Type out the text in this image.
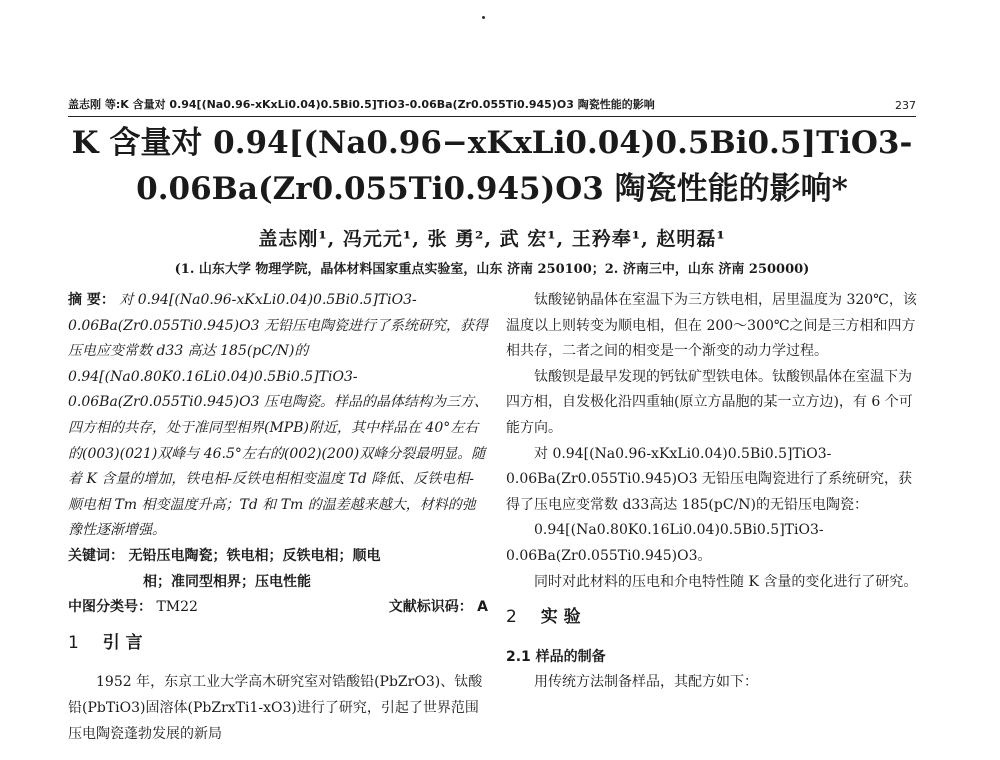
盖志刚 等:K 含量对 0.94[(Na0.96-xKxLi0.04)0.5Bi0.5]TiO3-0.06Ba(Zr0.055Ti0.945)O3 陶瓷性能的影响	237
K 含量对 0.94[(Na0.96−xKxLi0.04)0.5Bi0.5]TiO3-
0.06Ba(Zr0.055Ti0.945)O3 陶瓷性能的影响*
盖志刚¹, 冯元元¹, 张 勇², 武 宏¹, 王矜奉¹, 赵明磊¹
(1. 山东大学 物理学院，晶体材料国家重点实验室，山东 济南 250100；2. 济南三中，山东 济南 250000)

摘 要： 对 0.94[(Na0.96-xKxLi0.04)0.5Bi0.5]TiO3-0.06Ba(Zr0.055Ti0.945)O3 无铅压电陶瓷进行了系统研究，获得压电应变常数 d33 高达 185(pC/N)的 0.94[(Na0.80K0.16Li0.04)0.5Bi0.5]TiO3-0.06Ba(Zr0.055Ti0.945)O3 压电陶瓷。样品的晶体结构为三方、四方相的共存，处于准同型相界(MPB)附近，其中样品在 40°左右的(003)(021)双峰与 46.5°左右的(002)(200)双峰分裂最明显。随着 K 含量的增加，铁电相-反铁电相相变温度 Td 降低、反铁电相-顺电相 Tm 相变温度升高；Td 和 Tm 的温差越来越大，材料的弛豫性逐渐增强。

关键词： 无铅压电陶瓷；铁电相；反铁电相；顺电

相；准同型相界；压电性能

中图分类号： TM22	文献标识码： A
1 引 言

1952 年，东京工业大学高木研究室对锆酸铅(PbZrO3)、钛酸铅(PbTiO3)固溶体(PbZrxTi1-xO3)进行了研究，引起了世界范围压电陶瓷蓬勃发展的新局

钛酸铋钠晶体在室温下为三方铁电相，居里温度为 320℃，该温度以上则转变为顺电相，但在 200～300℃之间是三方相和四方相共存，二者之间的相变是一个渐变的动力学过程。

钛酸钡是最早发现的钙钛矿型铁电体。钛酸钡晶体在室温下为四方相，自发极化沿四重轴(原立方晶胞的某一立方边)，有 6 个可能方向。

对 0.94[(Na0.96-xKxLi0.04)0.5Bi0.5]TiO3-0.06Ba(Zr0.055Ti0.945)O3 无铅压电陶瓷进行了系统研究，获得了压电应变常数 d33高达 185(pC/N)的无铅压电陶瓷：

0.94[(Na0.80K0.16Li0.04)0.5Bi0.5]TiO3-0.06Ba(Zr0.055Ti0.945)O3。

同时对此材料的压电和介电特性随 K 含量的变化进行了研究。

2 实 验

2.1 样品的制备

用传统方法制备样品，其配方如下：
